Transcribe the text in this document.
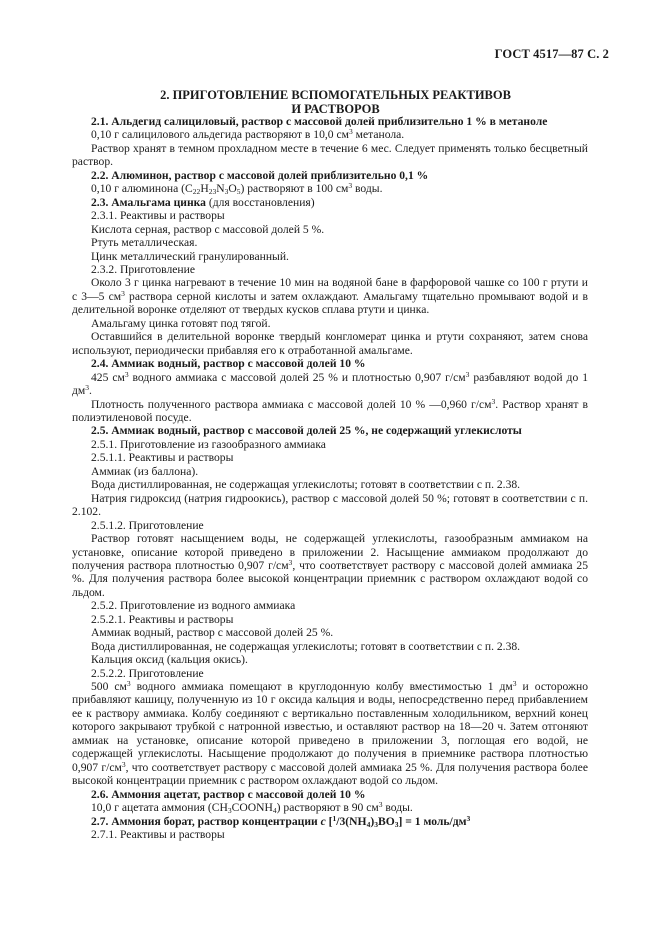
ГОСТ 4517—87 С. 2
2. ПРИГОТОВЛЕНИЕ ВСПОМОГАТЕЛЬНЫХ РЕАКТИВОВ
И РАСТВОРОВ

2.1. Альдегид салициловый, раствор с массовой долей приблизительно 1 % в метаноле

0,10 г салицилового альдегида растворяют в 10,0 $см^3$ метанола.

Раствор хранят в темном прохладном месте в течение 6 мес. Следует применять только бесцветный раствор.

2.2. Алюминон, раствор с массовой долей приблизительно 0,1 %

0,10 г алюминона $(C_{22}H_{23}N_3O_5)$ растворяют в 100 $см^3$ воды.

2.3. Амальгама цинка (для восстановления)

2.3.1. Реактивы и растворы

Кислота серная, раствор с массовой долей 5 %.

Ртуть металлическая.

Цинк металлический гранулированный.

2.3.2. Приготовление

Около 3 г цинка нагревают в течение 10 мин на водяной бане в фарфоровой чашке со 100 г ртути и с 3—5 $см^3$ раствора серной кислоты и затем охлаждают. Амальгаму тщательно промывают водой и в делительной воронке отделяют от твердых кусков сплава ртути и цинка.

Амальгаму цинка готовят под тягой.

Оставшийся в делительной воронке твердый конгломерат цинка и ртути сохраняют, затем снова используют, периодически прибавляя его к отработанной амальгаме.

2.4. Аммиак водный, раствор с массовой долей 10 %

425 $см^3$ водного аммиака с массовой долей 25 % и плотностью 0,907 $г/см^3$ разбавляют водой до 1 $дм^3$.

Плотность полученного раствора аммиака с массовой долей 10 % —0,960 $г/см^3$. Раствор хранят в полиэтиленовой посуде.

2.5. Аммиак водный, раствор с массовой долей 25 %, не содержащий углекислоты

2.5.1. Приготовление из газообразного аммиака

2.5.1.1. Реактивы и растворы

Аммиак (из баллона).

Вода дистиллированная, не содержащая углекислоты; готовят в соответствии с п. 2.38.

Натрия гидроксид (натрия гидроокись), раствор с массовой долей 50 %; готовят в соответствии с п. 2.102.

2.5.1.2. Приготовление

Раствор готовят насыщением воды, не содержащей углекислоты, газообразным аммиаком на установке, описание которой приведено в приложении 2. Насыщение аммиаком продолжают до получения раствора плотностью 0,907 $г/см^3$, что соответствует раствору с массовой долей аммиака 25 %. Для получения раствора более высокой концентрации приемник с раствором охлаждают водой со льдом.

2.5.2. Приготовление из водного аммиака

2.5.2.1. Реактивы и растворы

Аммиак водный, раствор с массовой долей 25 %.

Вода дистиллированная, не содержащая углекислоты; готовят в соответствии с п. 2.38.

Кальция оксид (кальция окись).

2.5.2.2. Приготовление

500 $см^3$ водного аммиака помещают в круглодонную колбу вместимостью 1 $дм^3$ и осторожно прибавляют кашицу, полученную из 10 г оксида кальция и воды, непосредственно перед прибавлением ее к раствору аммиака. Колбу соединяют с вертикально поставленным холодильником, верхний конец которого закрывают трубкой с натронной известью, и оставляют раствор на 18—20 ч. Затем отгоняют аммиак на установке, описание которой приведено в приложении 3, поглощая его водой, не содержащей углекислоты. Насыщение продолжают до получения в приемнике раствора плотностью 0,907 $г/см^3$, что соответствует раствору с массовой долей аммиака 25 %. Для получения раствора более высокой концентрации приемник с раствором охлаждают водой со льдом.

2.6. Аммония ацетат, раствор с массовой долей 10 %

10,0 г ацетата аммония $(CH_3COONH_4)$ растворяют в 90 $см^3$ воды.

2.7. Аммония борат, раствор концентрации c $[^1/3(NH_4)_3BO_3] = 1$ моль/$дм^3$

2.7.1. Реактивы и растворы
